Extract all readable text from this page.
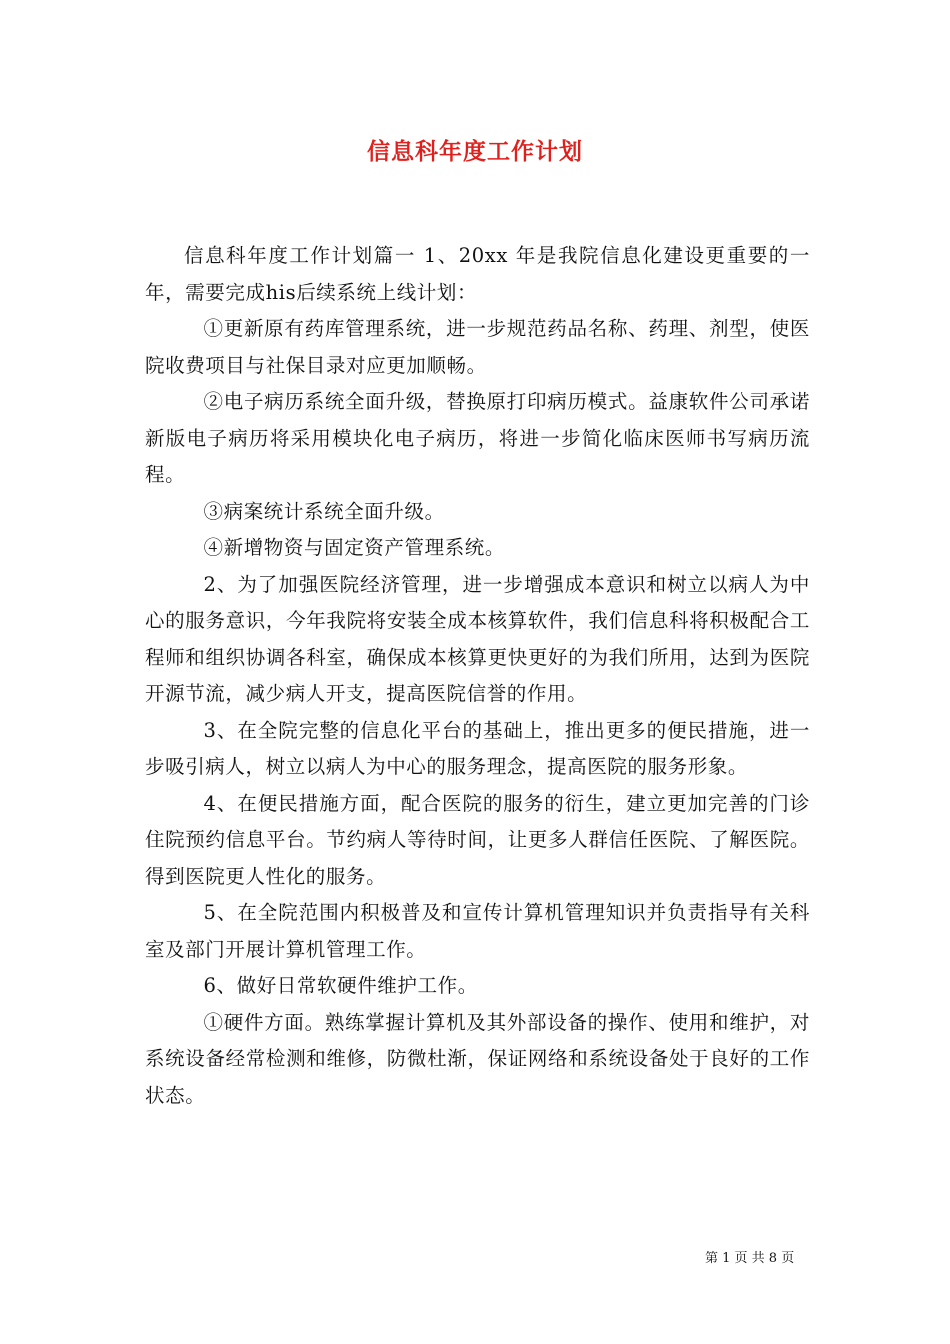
信息科年度工作计划

信息科年度工作计划篇一 1、20xx 年是我院信息化建设更重要的一年，需要完成his后续系统上线计划：

①更新原有药库管理系统，进一步规范药品名称、药理、剂型，使医院收费项目与社保目录对应更加顺畅。

②电子病历系统全面升级，替换原打印病历模式。益康软件公司承诺新版电子病历将采用模块化电子病历，将进一步简化临床医师书写病历流程。

③病案统计系统全面升级。

④新增物资与固定资产管理系统。

2、为了加强医院经济管理，进一步增强成本意识和树立以病人为中心的服务意识，今年我院将安装全成本核算软件，我们信息科将积极配合工程师和组织协调各科室，确保成本核算更快更好的为我们所用，达到为医院开源节流，减少病人开支，提高医院信誉的作用。

3、在全院完整的信息化平台的基础上，推出更多的便民措施，进一步吸引病人，树立以病人为中心的服务理念，提高医院的服务形象。

4、在便民措施方面，配合医院的服务的衍生，建立更加完善的门诊住院预约信息平台。节约病人等待时间，让更多人群信任医院、了解医院。得到医院更人性化的服务。

5、在全院范围内积极普及和宣传计算机管理知识并负责指导有关科室及部门开展计算机管理工作。

6、做好日常软硬件维护工作。

①硬件方面。熟练掌握计算机及其外部设备的操作、使用和维护，对系统设备经常检测和维修，防微杜渐，保证网络和系统设备处于良好的工作状态。

第 1 页 共 8 页
